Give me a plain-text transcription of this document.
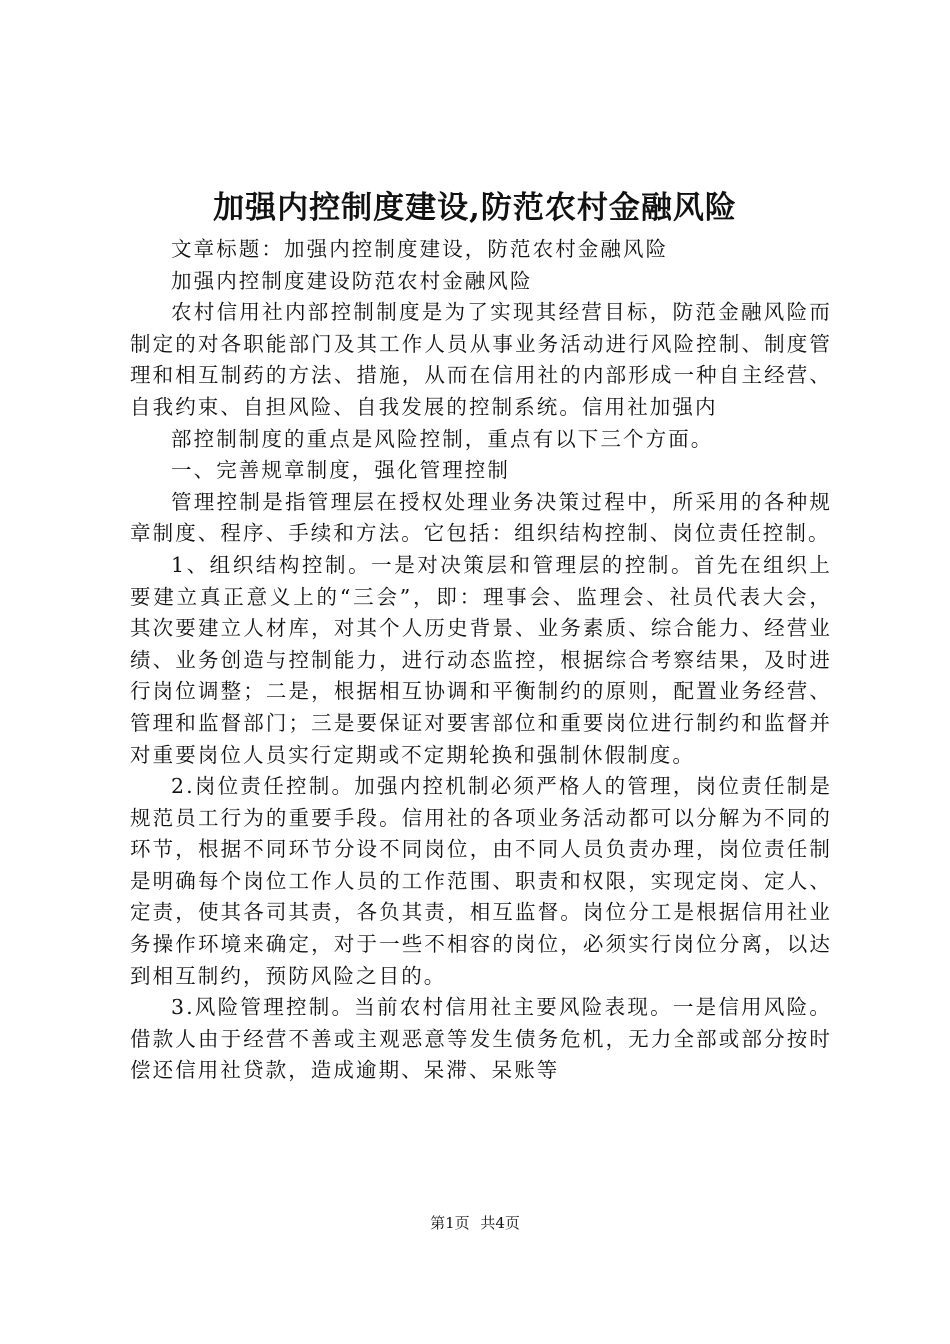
加强内控制度建设,防范农村金融风险

文章标题：加强内控制度建设，防范农村金融风险

加强内控制度建设防范农村金融风险

农村信用社内部控制制度是为了实现其经营目标，防范金融风险而制定的对各职能部门及其工作人员从事业务活动进行风险控制、制度管理和相互制药的方法、措施，从而在信用社的内部形成一种自主经营、自我约束、自担风险、自我发展的控制系统。信用社加强内

部控制制度的重点是风险控制，重点有以下三个方面。

一、完善规章制度，强化管理控制

管理控制是指管理层在授权处理业务决策过程中，所采用的各种规章制度、程序、手续和方法。它包括：组织结构控制、岗位责任控制。

1、组织结构控制。一是对决策层和管理层的控制。首先在组织上要建立真正意义上的“三会”，即：理事会、监理会、社员代表大会，其次要建立人材库，对其个人历史背景、业务素质、综合能力、经营业绩、业务创造与控制能力，进行动态监控，根据综合考察结果，及时进行岗位调整；二是，根据相互协调和平衡制约的原则，配置业务经营、管理和监督部门；三是要保证对要害部位和重要岗位进行制约和监督并对重要岗位人员实行定期或不定期轮换和强制休假制度。

2.岗位责任控制。加强内控机制必须严格人的管理，岗位责任制是规范员工行为的重要手段。信用社的各项业务活动都可以分解为不同的环节，根据不同环节分设不同岗位，由不同人员负责办理，岗位责任制是明确每个岗位工作人员的工作范围、职责和权限，实现定岗、定人、定责，使其各司其责，各负其责，相互监督。岗位分工是根据信用社业务操作环境来确定，对于一些不相容的岗位，必须实行岗位分离，以达到相互制约，预防风险之目的。

3.风险管理控制。当前农村信用社主要风险表现。一是信用风险。借款人由于经营不善或主观恶意等发生债务危机，无力全部或部分按时偿还信用社贷款，造成逾期、呆滞、呆账等

第1页 共4页
